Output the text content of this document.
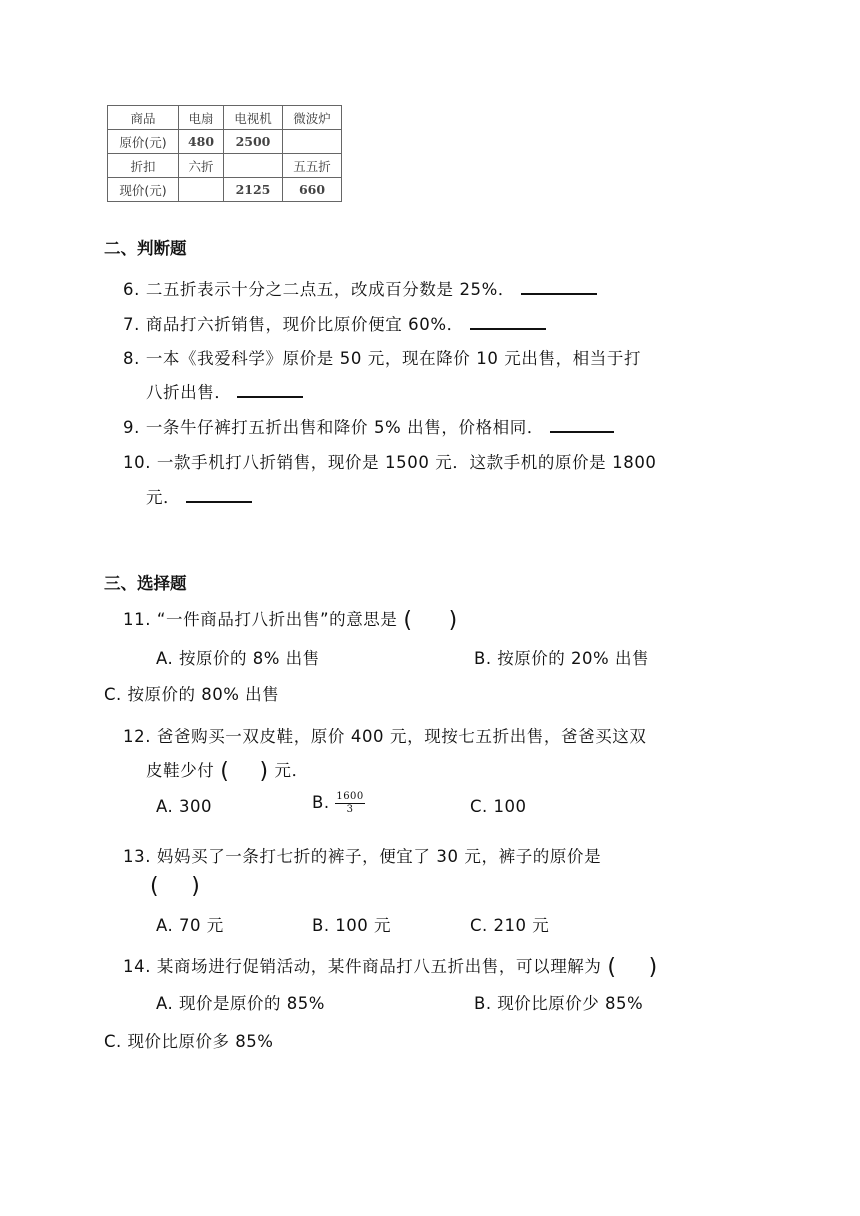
商品	电扇	电视机	微波炉
原价(元)	480	2500	
折扣	六折		五五折
现价(元)		2125	660
二、判断题
6. 二五折表示十分之二点五，改成百分数是 25%．
7. 商品打六折销售，现价比原价便宜 60%．
8. 一本《我爱科学》原价是 50 元，现在降价 10 元出售，相当于打
八折出售．
9. 一条牛仔裤打五折出售和降价 5% 出售，价格相同．
10. 一款手机打八折销售，现价是 1500 元．这款手机的原价是 1800
元．
三、选择题
11. “一件商品打八折出售”的意思是 ( )
A. 按原价的 8% 出售	B. 按原价的 20% 出售
C. 按原价的 80% 出售
12. 爸爸购买一双皮鞋，原价 400 元，现按七五折出售，爸爸买这双
皮鞋少付 ( ) 元．
A. 300	B. $\frac{1600}{3}$	C. 100
13. 妈妈买了一条打七折的裤子，便宜了 30 元，裤子的原价是
( )
A. 70 元	B. 100 元	C. 210 元
14. 某商场进行促销活动，某件商品打八五折出售，可以理解为 ( )
A. 现价是原价的 85%	B. 现价比原价少 85%
C. 现价比原价多 85%
